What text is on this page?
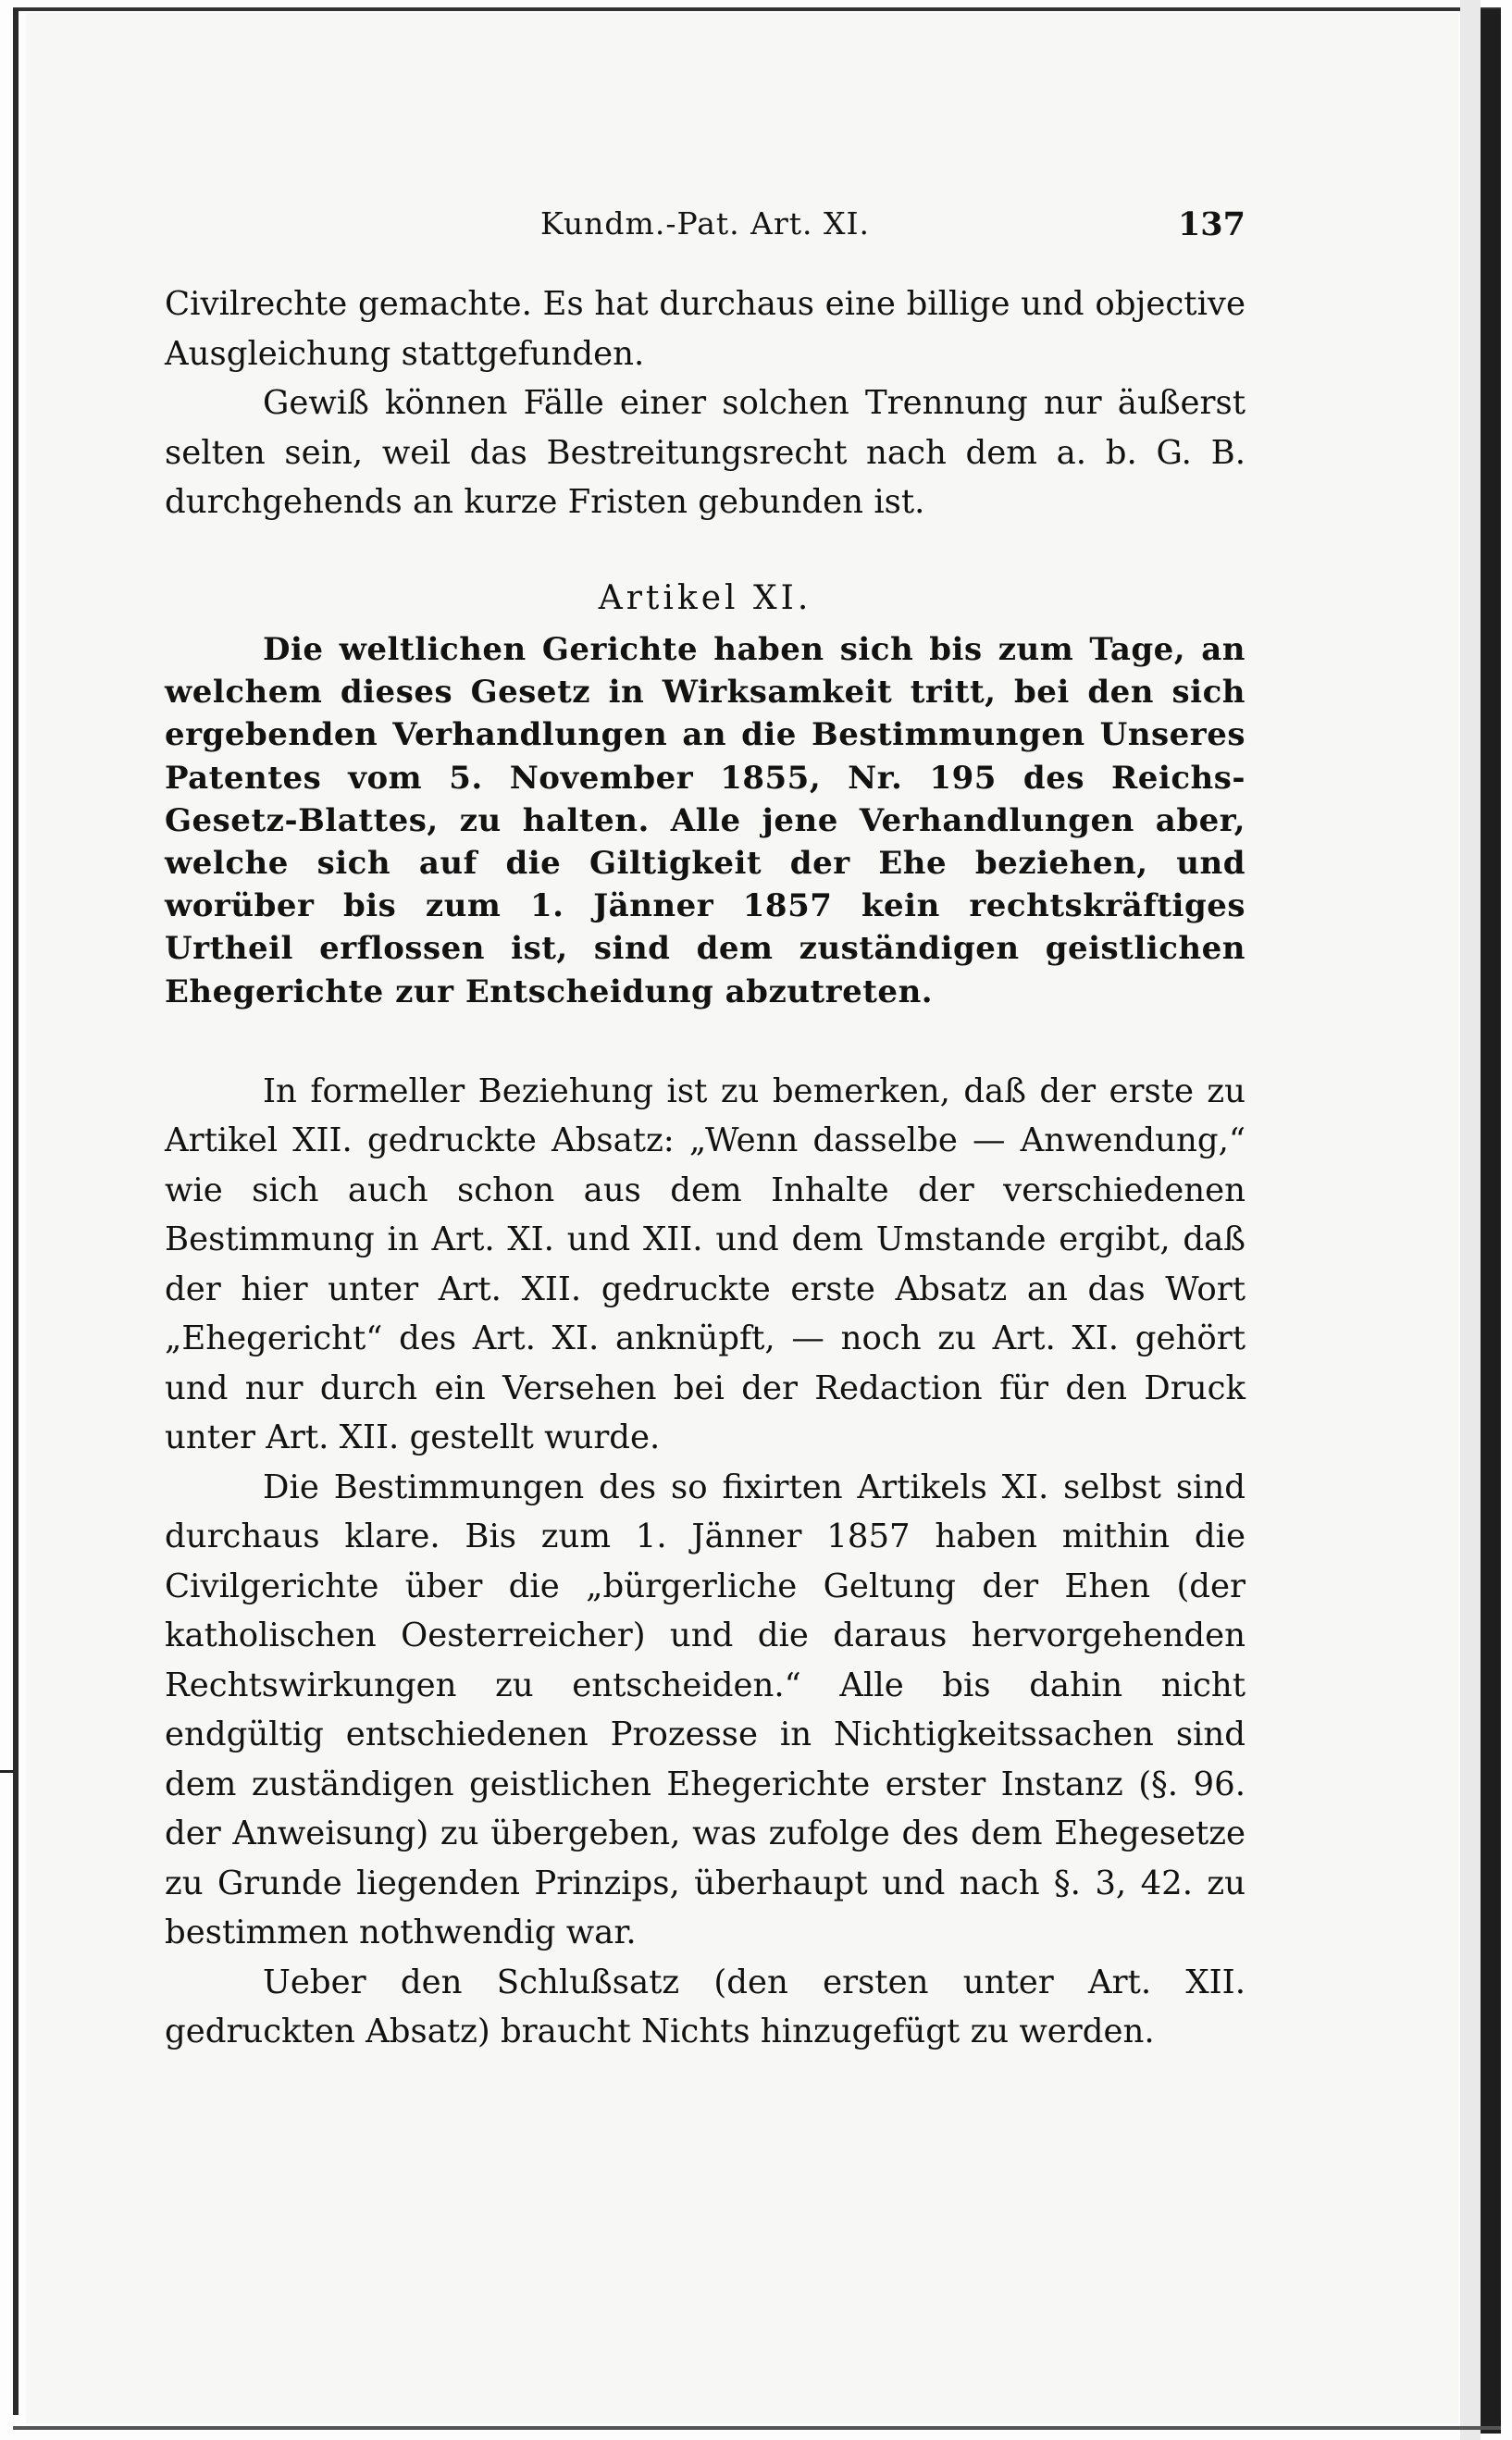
Kundm.-Pat. Art. XI.	137

Civilrechte gemachte. Es hat durchaus eine billige und objective Ausgleichung stattgefunden.

Gewiß können Fälle einer solchen Trennung nur äußerst selten sein, weil das Bestreitungsrecht nach dem a. b. G. B. durchgehends an kurze Fristen gebunden ist.

Artikel XI.

Die weltlichen Gerichte haben sich bis zum Tage, an welchem dieses Gesetz in Wirksamkeit tritt, bei den sich ergebenden Verhandlungen an die Bestimmungen Unseres Patentes vom 5. November 1855, Nr. 195 des Reichs-Gesetz-Blattes, zu halten. Alle jene Verhandlungen aber, welche sich auf die Giltigkeit der Ehe beziehen, und worüber bis zum 1. Jänner 1857 kein rechtskräftiges Urtheil erflossen ist, sind dem zuständigen geistlichen Ehegerichte zur Entscheidung abzutreten.

In formeller Beziehung ist zu bemerken, daß der erste zu Artikel XII. gedruckte Absatz: „Wenn dasselbe — Anwendung,“ wie sich auch schon aus dem Inhalte der verschiedenen Bestimmung in Art. XI. und XII. und dem Umstande ergibt, daß der hier unter Art. XII. gedruckte erste Absatz an das Wort „Ehegericht“ des Art. XI. anknüpft, — noch zu Art. XI. gehört und nur durch ein Versehen bei der Redaction für den Druck unter Art. XII. gestellt wurde.

Die Bestimmungen des so fixirten Artikels XI. selbst sind durchaus klare. Bis zum 1. Jänner 1857 haben mithin die Civilgerichte über die „bürgerliche Geltung der Ehen (der katholischen Oesterreicher) und die daraus hervorgehenden Rechtswirkungen zu entscheiden.“ Alle bis dahin nicht endgültig entschiedenen Prozesse in Nichtigkeitssachen sind dem zuständigen geistlichen Ehegerichte erster Instanz (§. 96. der Anweisung) zu übergeben, was zufolge des dem Ehegesetze zu Grunde liegenden Prinzips, überhaupt und nach §. 3, 42. zu bestimmen nothwendig war.

Ueber den Schlußsatz (den ersten unter Art. XII. gedruckten Absatz) braucht Nichts hinzugefügt zu werden.
